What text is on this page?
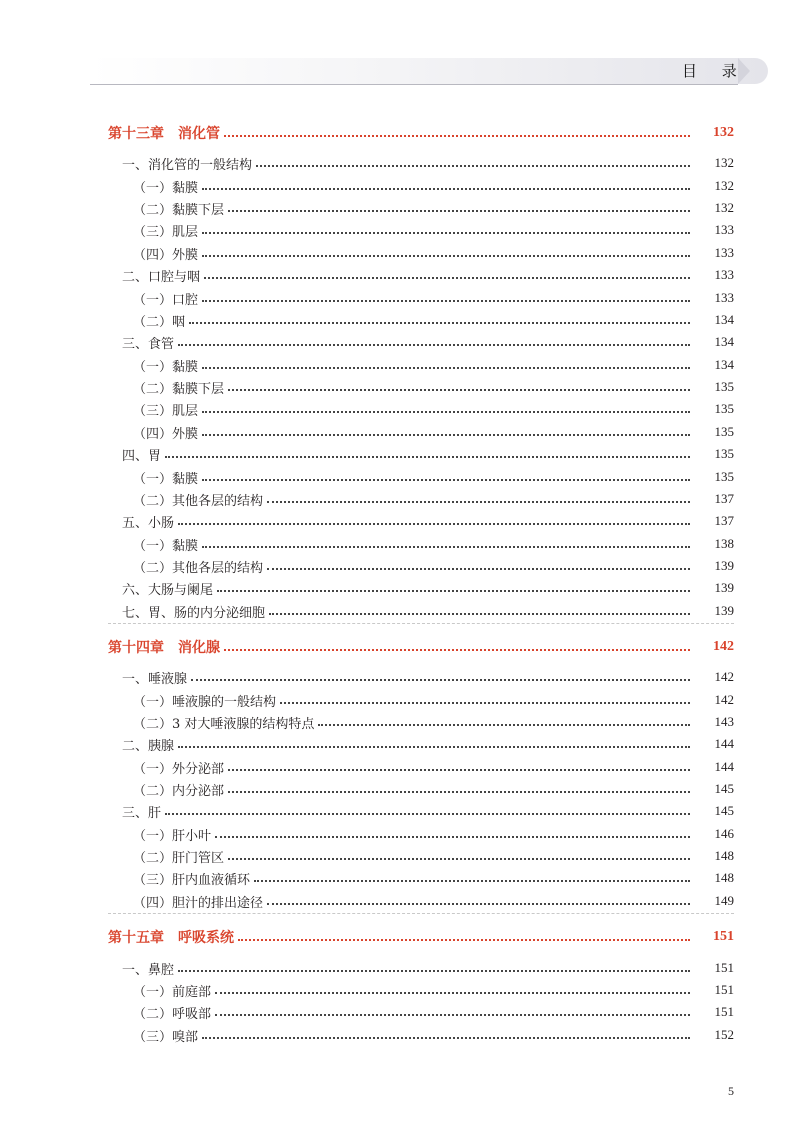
目 录
第十三章　消化管	132
一、消化管的一般结构	132
（一）黏膜	132
（二）黏膜下层	132
（三）肌层	133
（四）外膜	133
二、口腔与咽	133
（一）口腔	133
（二）咽	134
三、食管	134
（一）黏膜	134
（二）黏膜下层	135
（三）肌层	135
（四）外膜	135
四、胃	135
（一）黏膜	135
（二）其他各层的结构	137
五、小肠	137
（一）黏膜	138
（二）其他各层的结构	139
六、大肠与阑尾	139
七、胃、肠的内分泌细胞	139
第十四章　消化腺	142
一、唾液腺	142
（一）唾液腺的一般结构	142
（二）3 对大唾液腺的结构特点	143
二、胰腺	144
（一）外分泌部	144
（二）内分泌部	145
三、肝	145
（一）肝小叶	146
（二）肝门管区	148
（三）肝内血液循环	148
（四）胆汁的排出途径	149
第十五章　呼吸系统	151
一、鼻腔	151
（一）前庭部	151
（二）呼吸部	151
（三）嗅部	152
5
